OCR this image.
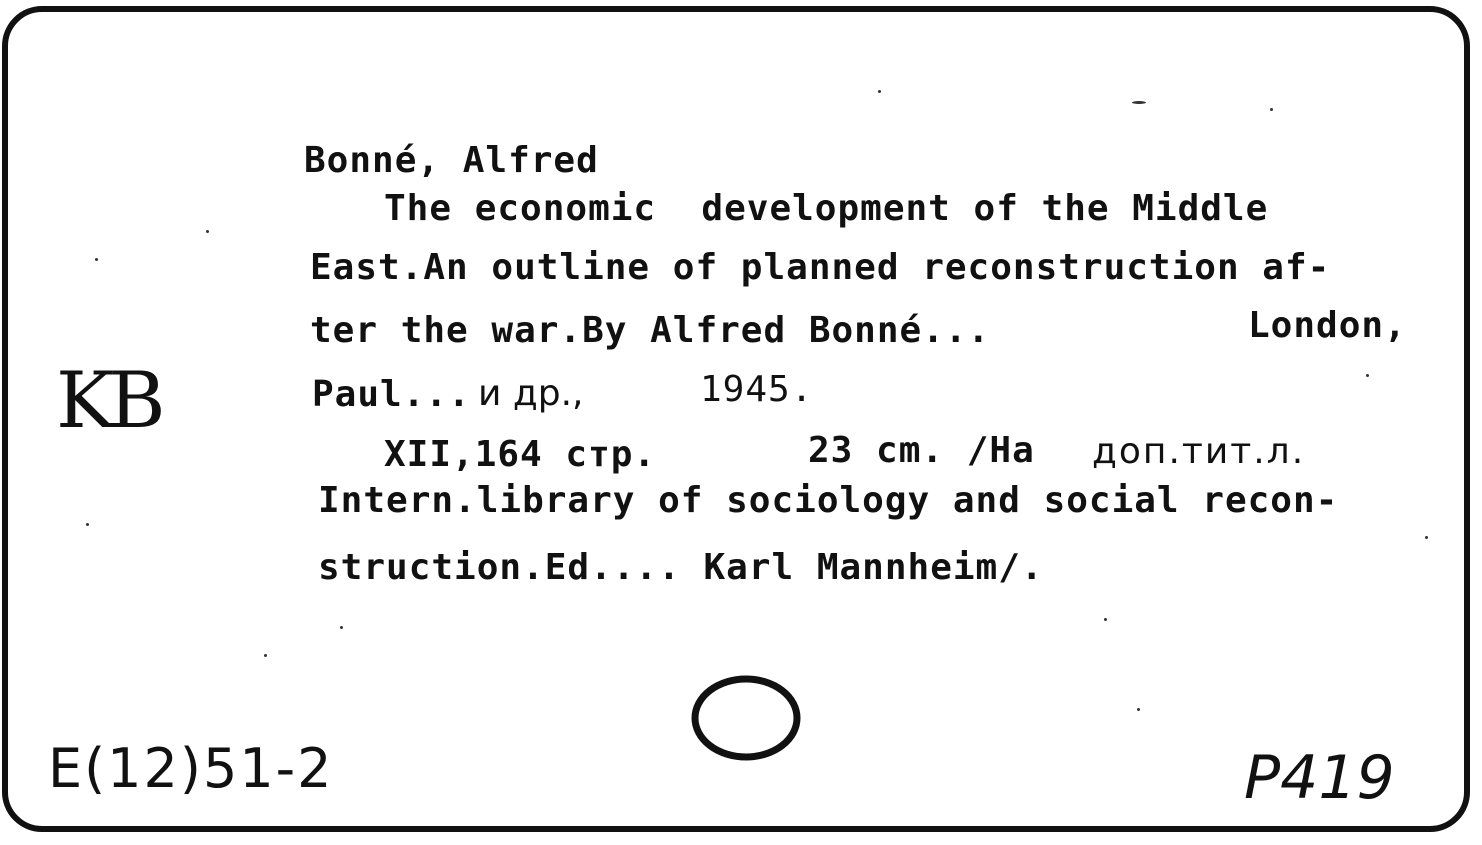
Bonné, Alfred
The economic  development of the Middle
East.An outline of planned reconstruction af-
ter the war.By Alfred Bonné...	London,
Paul... и др.,	1945.
XII,164 стр.	23 cm. /На доп.тит.л.
Intern.library of sociology and social recon-
struction.Ed.... Karl Mannheim/.
KB
E(12)51-2	P419
